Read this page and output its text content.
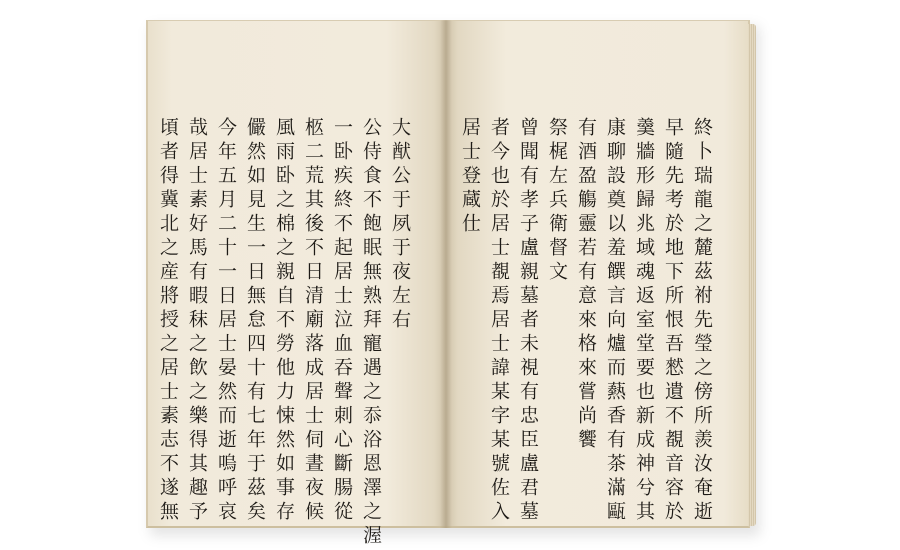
大猷公于夙于夜左右
公侍食不飽眠無熟拜寵遇之忝浴恩澤之渥
一卧疾終不起居士泣血吞聲刺心斷腸從
柩二荒其後不日清廟落成居士伺晝夜候
風雨卧之棉之親自不勞他力悚然如事存
儼然如見生一日無怠四十有七年于茲矣
今年五月二十一日居士晏然而逝嗚呼哀
哉居士素好馬有暇秣之飲之樂得其趣予
頃者得冀北之産將授之居士素志不遂無	終卜瑞龍之麓茲祔先瑩之傍所羨汝奄逝
早隨先考於地下所恨吾憖遺不覩音容於
羹牆形歸兆域魂返室堂要也新成神兮其
康聊設奠以羞饌言向爐而爇香有茶滿甌
有酒盈觴靈若有意來格來嘗尚饗
祭梶左兵衛督文
曾聞有孝子盧親墓者未視有忠臣盧君墓
者今也於居士覩焉居士諱某字某號佐入
居士登蔵仕
